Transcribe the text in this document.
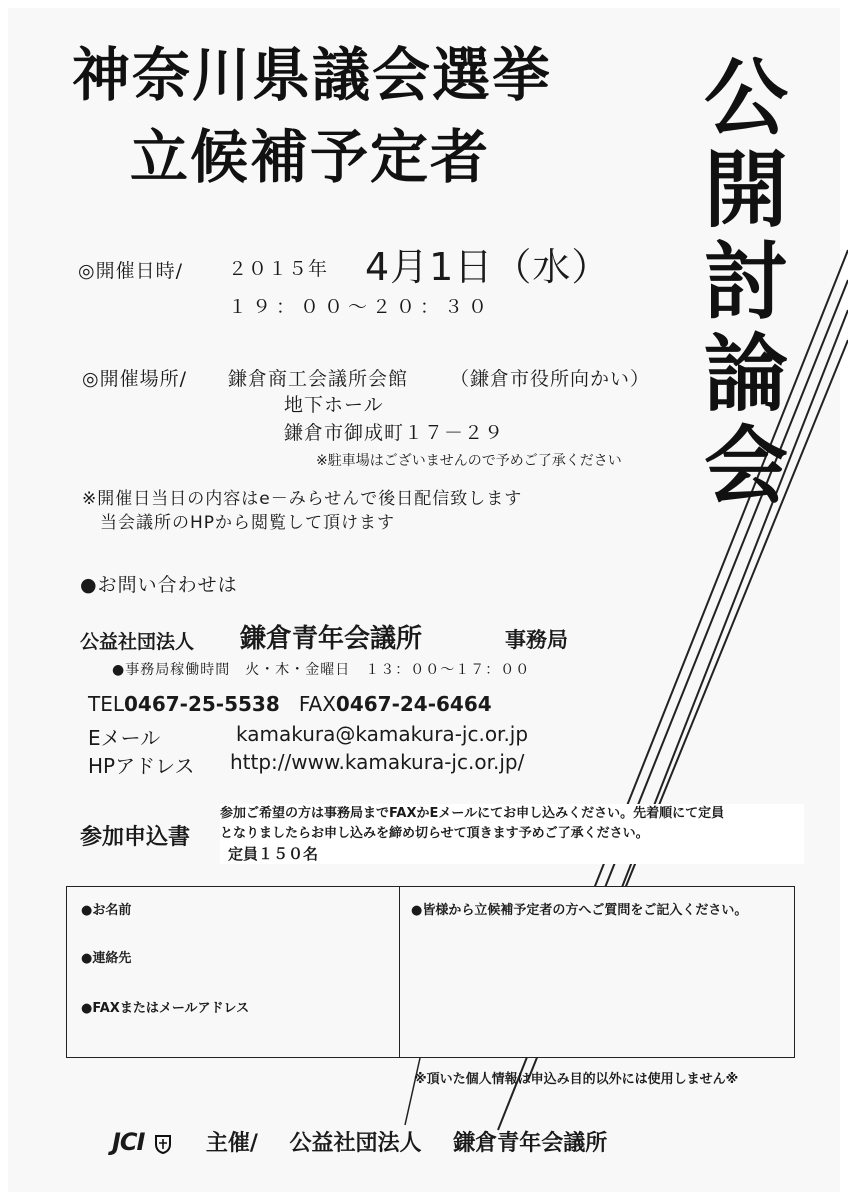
神奈川県議会選挙
立候補予定者
公
開
討
論
会
◎開催日時/ ２０１５年 4月1日（水）
１９：００～２０：３０
◎開催場所/ 鎌倉商工会議所会館 （鎌倉市役所向かい）
地下ホール
鎌倉市御成町１７－２９
※駐車場はございませんので予めご了承ください
※開催日当日の内容はe－みらせんで後日配信致します
当会議所のHPから閲覧して頂けます
●お問い合わせは
公益社団法人 鎌倉青年会議所	事務局
●事務局稼働時間　火・木・金曜日　１３：００～１７：００
TEL0467-25-5538 FAX0467-24-6464
Eメール	kamakura@kamakura-jc.or.jp
HPアドレス http://www.kamakura-jc.or.jp/
参加申込書
参加ご希望の方は事務局までFAXかEメールにてお申し込みください。先着順にて定員
となりましたらお申し込みを締め切らせて頂きます予めご了承ください。
定員１５０名
●お名前
●連絡先
●FAXまたはメールアドレス
●皆様から立候補予定者の方へご質問をご記入ください。
※頂いた個人情報は申込み目的以外には使用しません※
JCI	主催/ 公益社団法人 鎌倉青年会議所
